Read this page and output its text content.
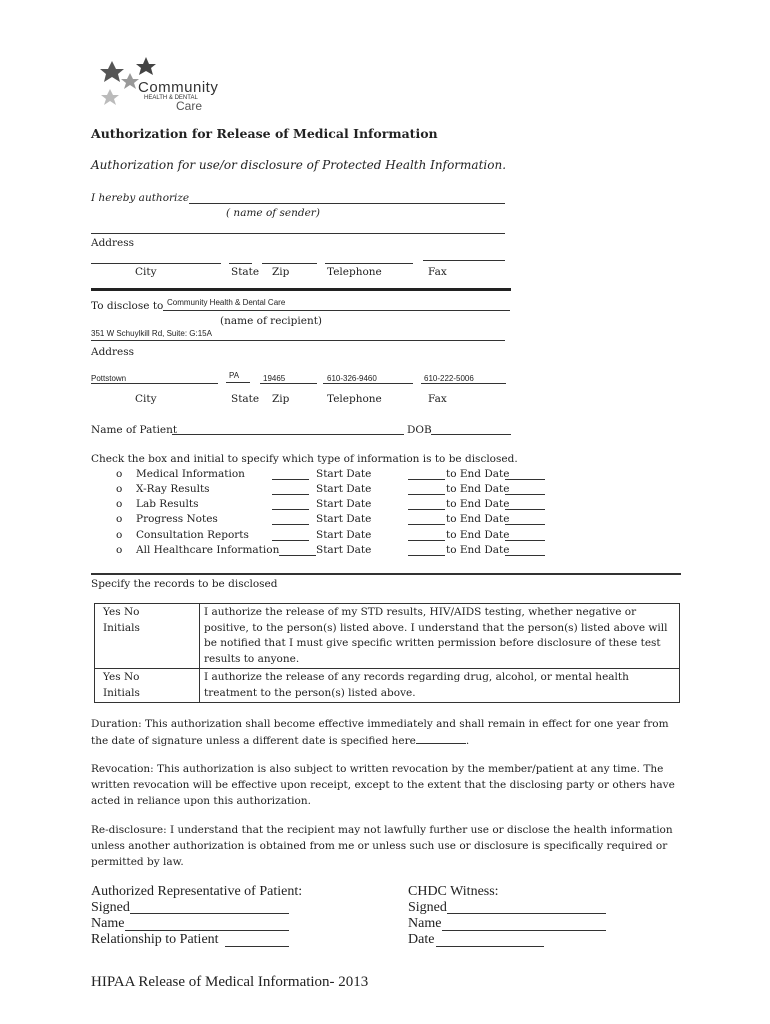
Community
HEALTH & DENTAL
Care
Authorization for Release of Medical Information
Authorization for use/or disclosure of Protected Health Information.
I hereby authorize
( name of sender)
Address
City	State Zip	Telephone	Fax
To disclose to Community Health & Dental Care
(name of recipient)
351 W Schuylkill Rd, Suite: G:15A
Address
Pottstown	PA	19465	610-326-9460	610-222-5006
City	State Zip	Telephone	Fax
Name of Patient	DOB
Check the box and initial to specify which type of information is to be disclosed.
o Medical Information	Start Date	to End Date
o X-Ray Results	Start Date	to End Date
o Lab Results	Start Date	to End Date
o Progress Notes	Start Date	to End Date
o Consultation Reports	Start Date	to End Date
o All Healthcare Information	Start Date	to End Date
Specify the records to be disclosed
Yes No
Initials	I authorize the release of my STD results, HIV/AIDS testing, whether negative or positive, to the person(s) listed above. I understand that the person(s) listed above will be notified that I must give specific written permission before disclosure of these test results to anyone.

Yes No
Initials	I authorize the release of any records regarding drug, alcohol, or mental health treatment to the person(s) listed above.
Duration: This authorization shall become effective immediately and shall remain in effect for one year from the date of signature unless a different date is specified here	.
Revocation: This authorization is also subject to written revocation by the member/patient at any time. The written revocation will be effective upon receipt, except to the extent that the disclosing party or others have acted in reliance upon this authorization.
Re-disclosure: I understand that the recipient may not lawfully further use or disclose the health information unless another authorization is obtained from me or unless such use or disclosure is specifically required or permitted by law.
Authorized Representative of Patient:
Signed
Name
Relationship to Patient
CHDC Witness:
Signed
Name
Date
HIPAA Release of Medical Information- 2013
